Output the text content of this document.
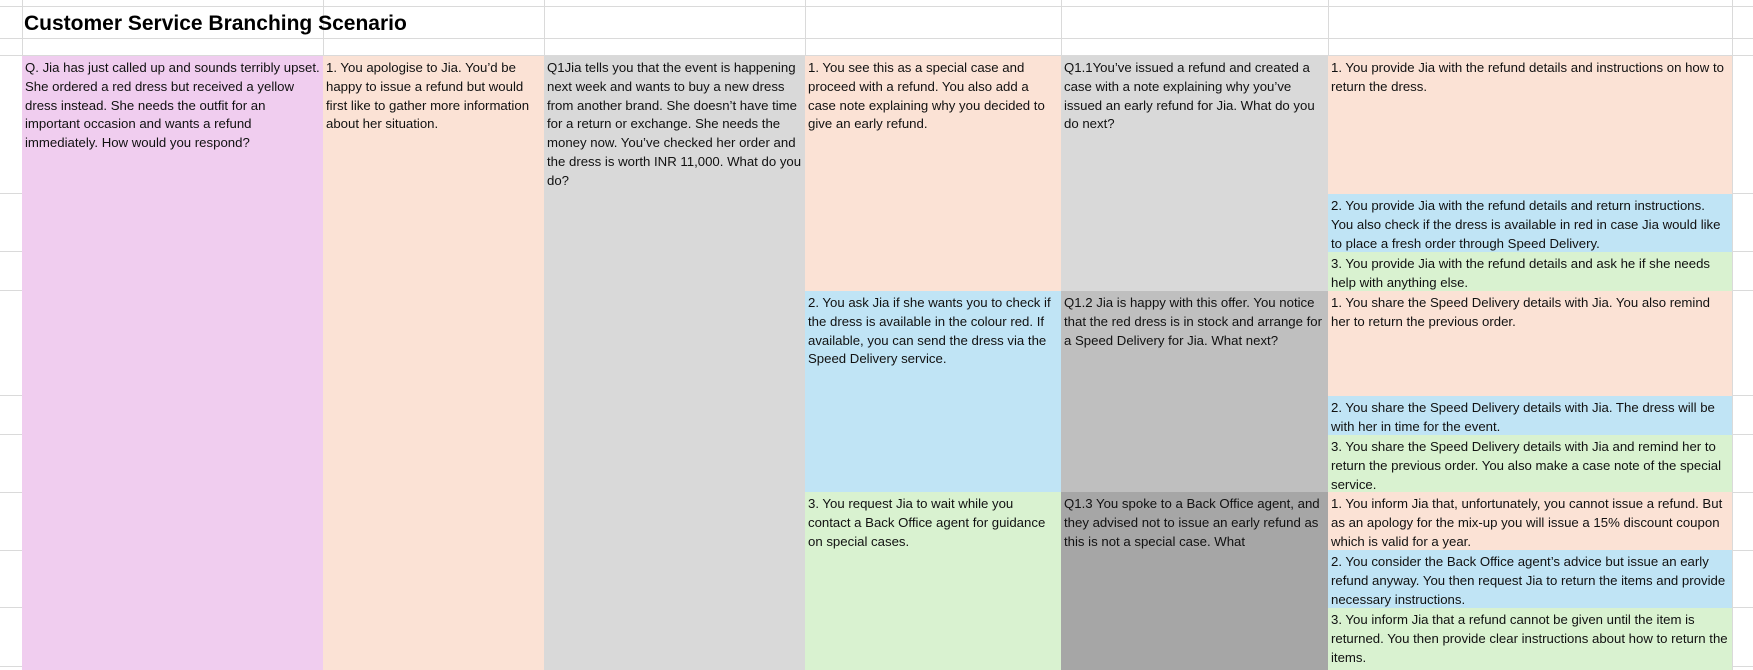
Customer Service Branching Scenario
Q. Jia has just called up and sounds terribly upset. She ordered a red dress but received a yellow dress instead. She needs the outfit for an important occasion and wants a refund immediately. How would you respond?
1. You apologise to Jia. You’d be happy to issue a refund but would first like to gather more information about her situation.
Q1Jia tells you that the event is happening next week and wants to buy a new dress from another brand. She doesn’t have time for a return or exchange. She needs the money now. You’ve checked her order and the dress is worth INR 11,000. What do you do?
1. You see this as a special case and proceed with a refund. You also add a case note explaining why you decided to give an early refund.
2. You ask Jia if she wants you to check if the dress is available in the colour red. If available, you can send the dress via the Speed Delivery service.
3. You request Jia to wait while you contact a Back Office agent for guidance on special cases.
Q1.1You’ve issued a refund and created a case with a note explaining why you’ve issued an early refund for Jia. What do you do next?
Q1.2 Jia is happy with this offer. You notice that the red dress is in stock and arrange for a Speed Delivery for Jia. What next?
Q1.3 You spoke to a Back Office agent, and they advised not to issue an early refund as this is not a special case. What
1. You provide Jia with the refund details and instructions on how to return the dress.
2. You provide Jia with the refund details and return instructions. You also check if the dress is available in red in case Jia would like to place a fresh order through Speed Delivery.
3. You provide Jia with the refund details and ask he if she needs help with anything else.
1. You share the Speed Delivery details with Jia. You also remind her to return the previous order.
2. You share the Speed Delivery details with Jia. The dress will be with her in time for the event.
3. You share the Speed Delivery details with Jia and remind her to return the previous order. You also make a case note of the special service.
1. You inform Jia that, unfortunately, you cannot issue a refund. But as an apology for the mix-up you will issue a 15% discount coupon which is valid for a year.
2. You consider the Back Office agent’s advice but issue an early refund anyway. You then request Jia to return the items and provide necessary instructions.
3. You inform Jia that a refund cannot be given until the item is returned. You then provide clear instructions about how to return the items.
